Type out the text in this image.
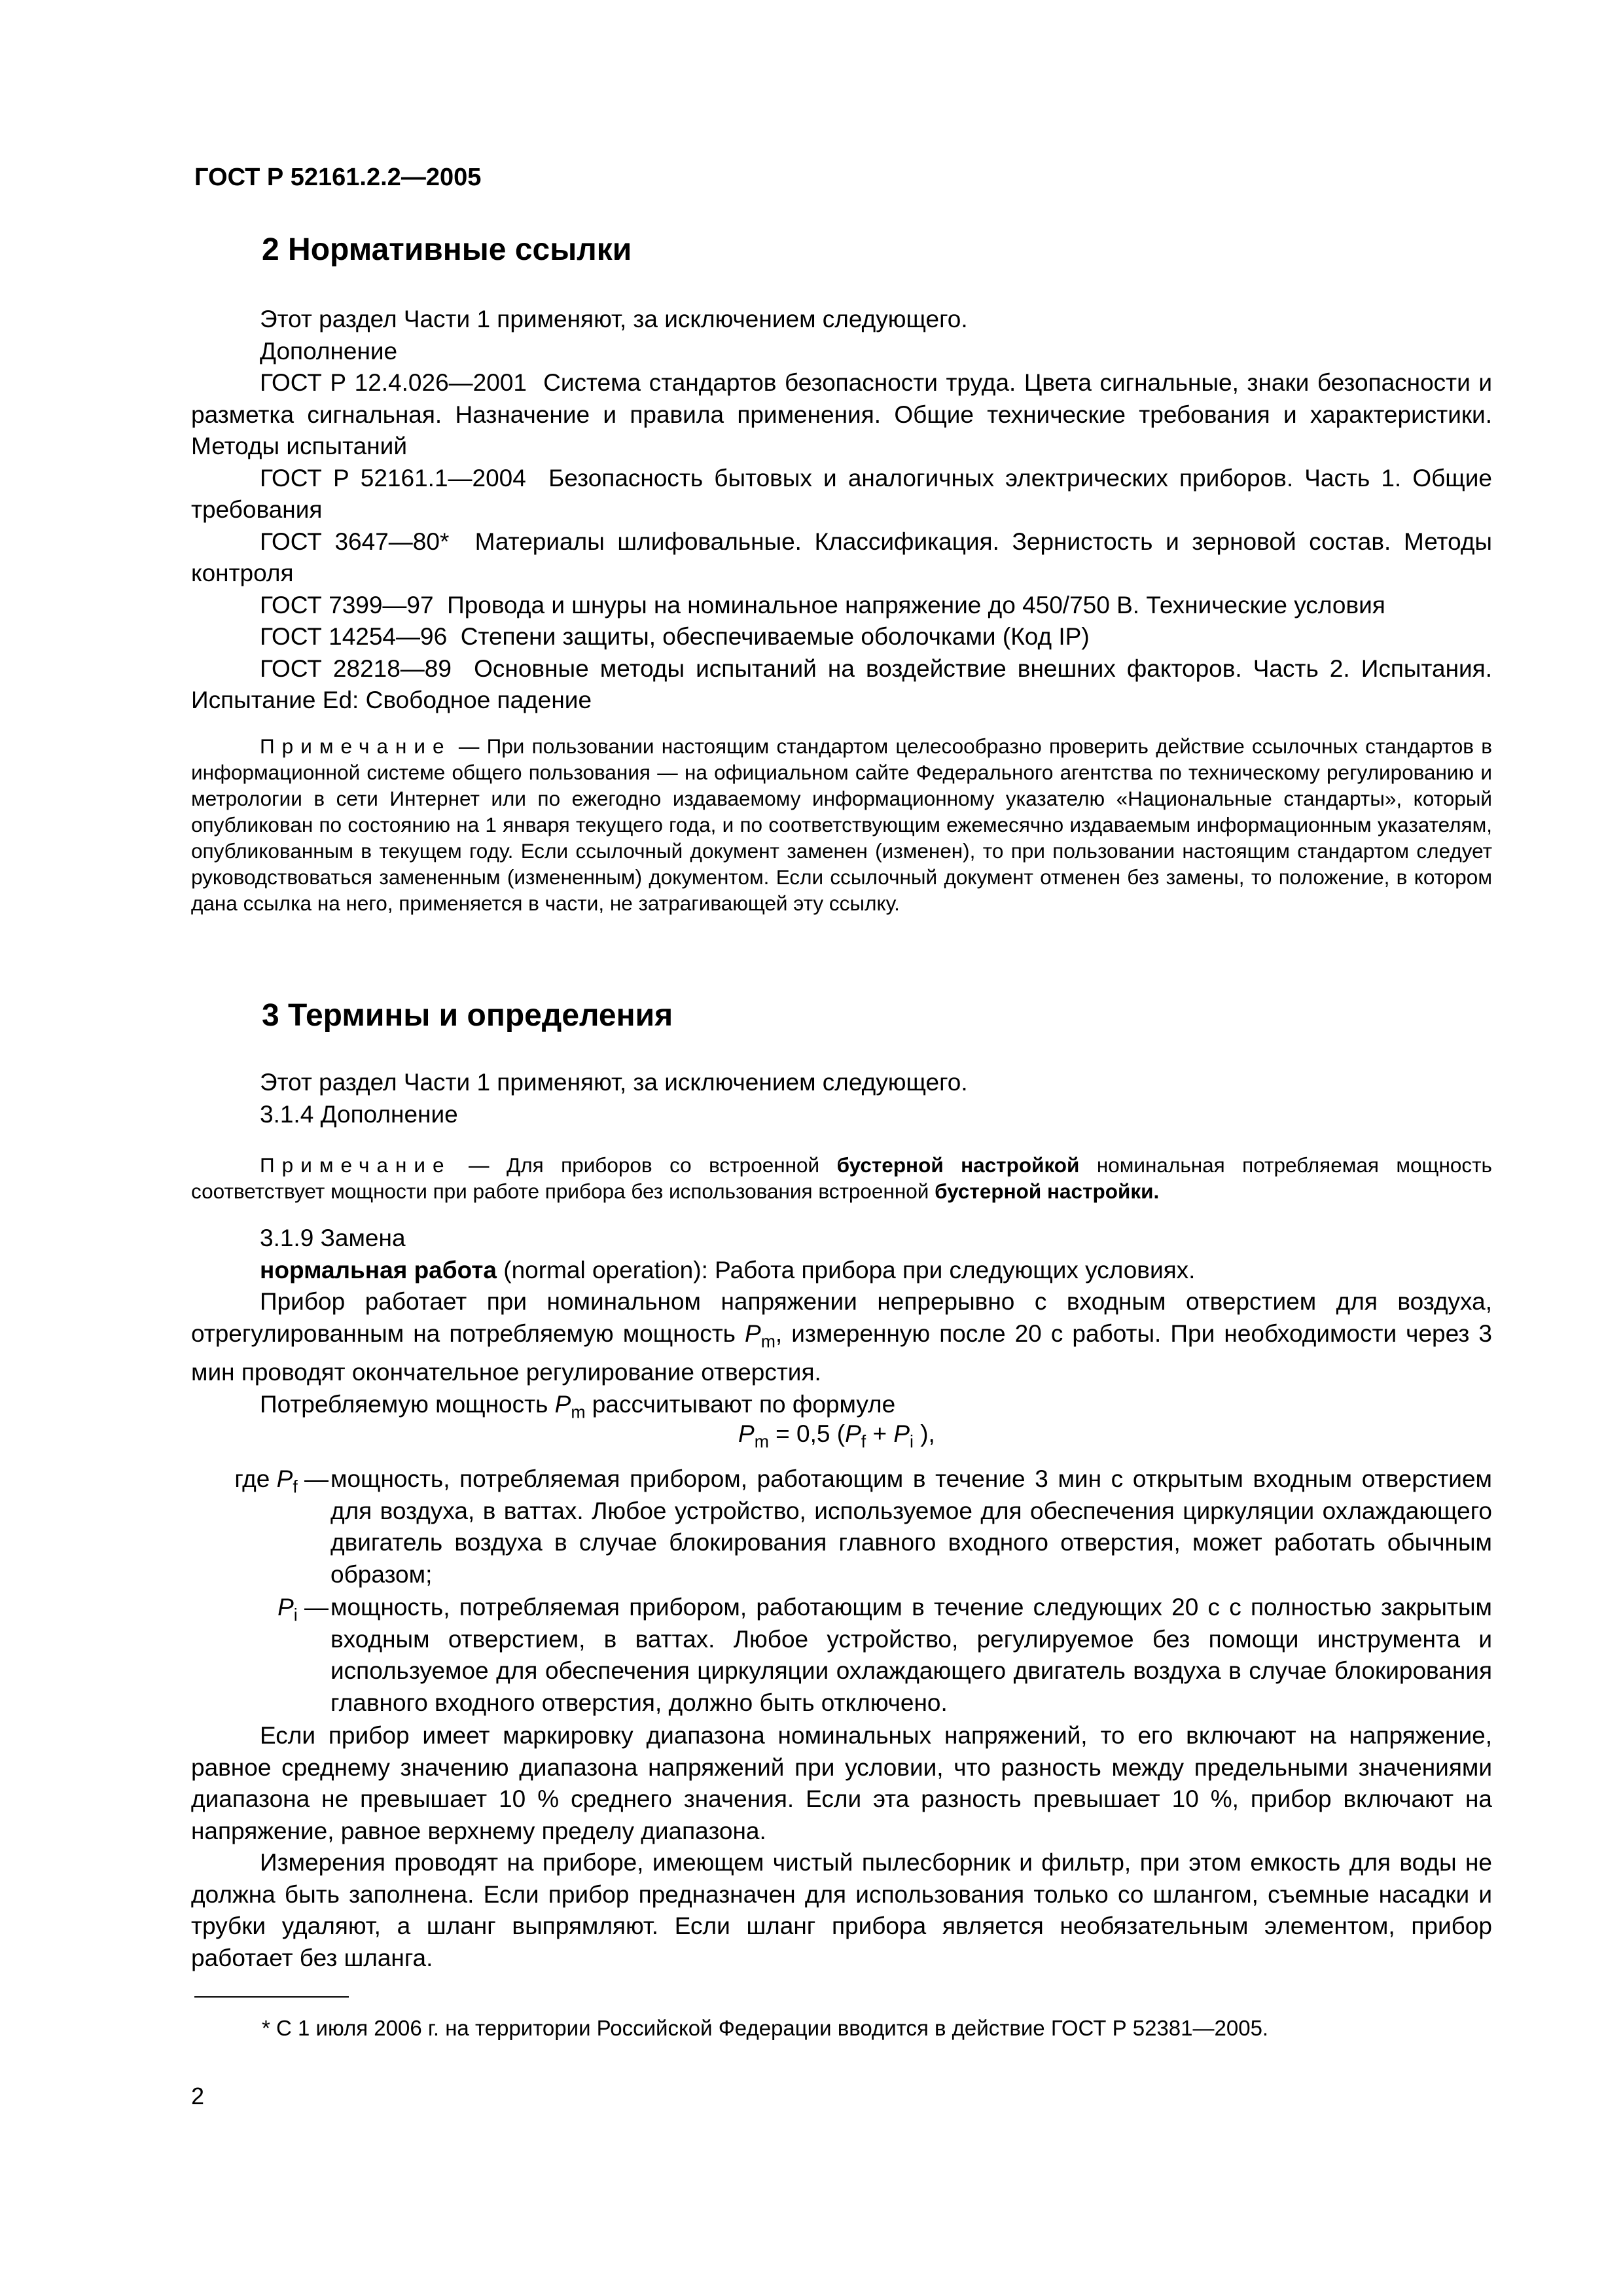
ГОСТ Р 52161.2.2—2005
2 Нормативные ссылки

Этот раздел Части 1 применяют, за исключением следующего.

Дополнение

ГОСТ Р 12.4.026—2001 Система стандартов безопасности труда. Цвета сигнальные, знаки безопасности и разметка сигнальная. Назначение и правила применения. Общие технические требования и характеристики. Методы испытаний

ГОСТ Р 52161.1—2004 Безопасность бытовых и аналогичных электрических приборов. Часть 1. Общие требования

ГОСТ 3647—80* Материалы шлифовальные. Классификация. Зернистость и зерновой состав. Методы контроля

ГОСТ 7399—97 Провода и шнуры на номинальное напряжение до 450/750 В. Технические условия

ГОСТ 14254—96 Степени защиты, обеспечиваемые оболочками (Код IP)

ГОСТ 28218—89 Основные методы испытаний на воздействие внешних факторов. Часть 2. Испытания. Испытание Ed: Свободное падение

Примечание — При пользовании настоящим стандартом целесообразно проверить действие ссылочных стандартов в информационной системе общего пользования — на официальном сайте Федерального агентства по техническому регулированию и метрологии в сети Интернет или по ежегодно издаваемому информационному указателю «Национальные стандарты», который опубликован по состоянию на 1 января текущего года, и по соответствующим ежемесячно издаваемым информационным указателям, опубликованным в текущем году. Если ссылочный документ заменен (изменен), то при пользовании настоящим стандартом следует руководствоваться замененным (измененным) документом. Если ссылочный документ отменен без замены, то положение, в котором дана ссылка на него, применяется в части, не затрагивающей эту ссылку.

3 Термины и определения

Этот раздел Части 1 применяют, за исключением следующего.

3.1.4 Дополнение

Примечание — Для приборов со встроенной бустерной настройкой номинальная потребляемая мощность соответствует мощности при работе прибора без использования встроенной бустерной настройки.

3.1.9 Замена

нормальная работа (normal operation): Работа прибора при следующих условиях.

Прибор работает при номинальном напряжении непрерывно с входным отверстием для воздуха, отрегулированным на потребляемую мощность $P_m$, измеренную после 20 с работы. При необходимости через 3 мин проводят окончательное регулирование отверстия.

Потребляемую мощность $P_m$ рассчитывают по формуле

$P_m = 0,5$ ($P_f + P_i$ ),
где $P_f$ — мощность, потребляемая прибором, работающим в течение 3 мин с открытым входным отверстием для воздуха, в ваттах. Любое устройство, используемое для обеспечения циркуляции охлаждающего двигатель воздуха в случае блокирования главного входного отверстия, может работать обычным образом;
$P_i$ — мощность, потребляемая прибором, работающим в течение следующих 20 с с полностью закрытым входным отверстием, в ваттах. Любое устройство, регулируемое без помощи инструмента и используемое для обеспечения циркуляции охлаждающего двигатель воздуха в случае блокирования главного входного отверстия, должно быть отключено.

Если прибор имеет маркировку диапазона номинальных напряжений, то его включают на напряжение, равное среднему значению диапазона напряжений при условии, что разность между предельными значениями диапазона не превышает 10 % среднего значения. Если эта разность превышает 10 %, прибор включают на напряжение, равное верхнему пределу диапазона.

Измерения проводят на приборе, имеющем чистый пылесборник и фильтр, при этом емкость для воды не должна быть заполнена. Если прибор предназначен для использования только со шлангом, съемные насадки и трубки удаляют, а шланг выпрямляют. Если шланг прибора является необязательным элементом, прибор работает без шланга.

* С 1 июля 2006 г. на территории Российской Федерации вводится в действие ГОСТ Р 52381—2005.
2
